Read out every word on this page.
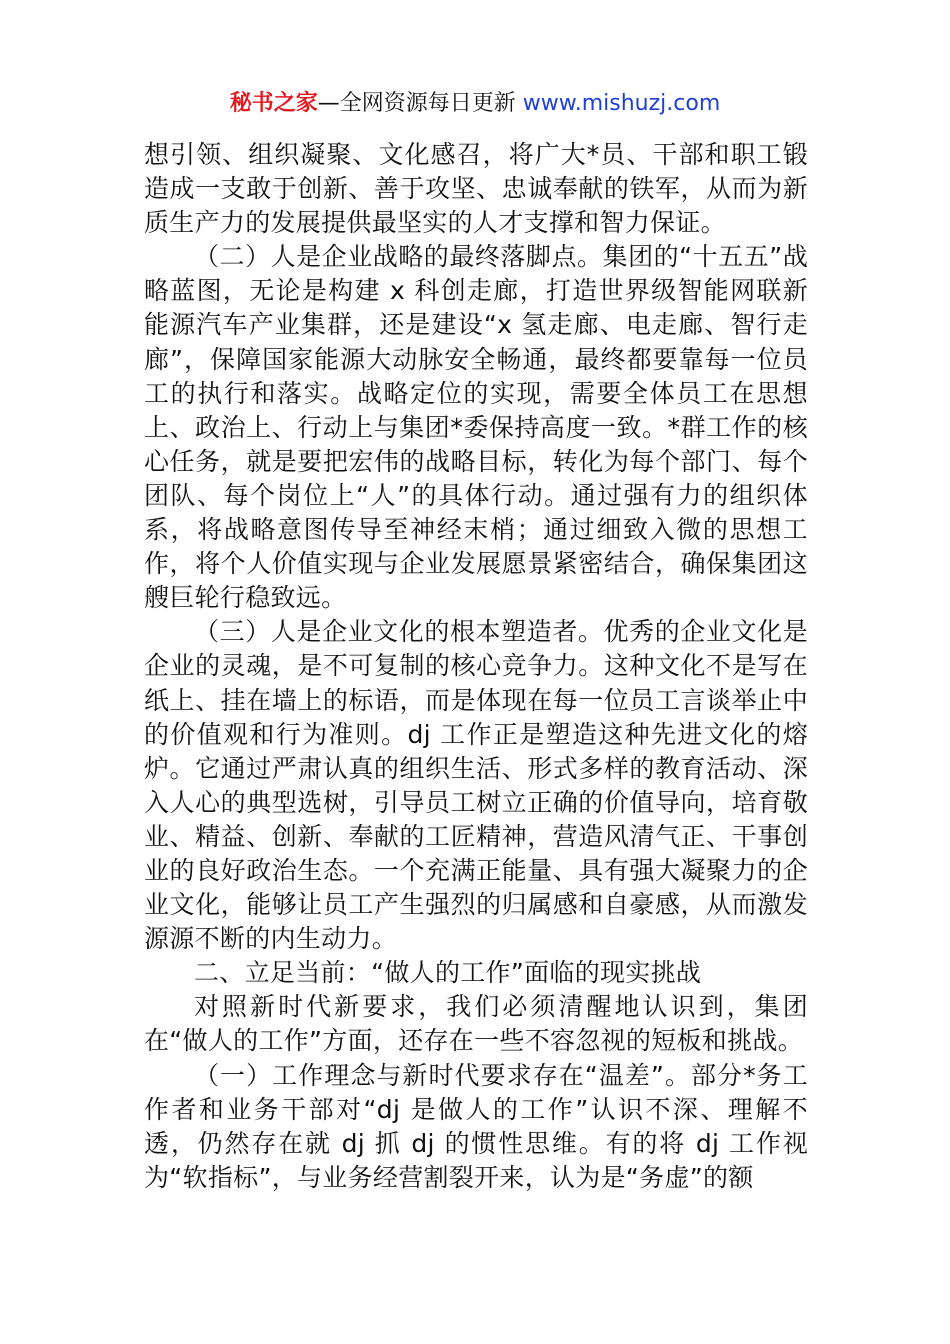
秘书之家—全网资源每日更新 www.mishuzj.com

想引领、组织凝聚、文化感召，将广大*员、干部和职工锻造成一支敢于创新、善于攻坚、忠诚奉献的铁军，从而为新质生产力的发展提供最坚实的人才支撑和智力保证。

（二）人是企业战略的最终落脚点。集团的“十五五”战略蓝图，无论是构建 x 科创走廊，打造世界级智能网联新能源汽车产业集群，还是建设“x 氢走廊、电走廊、智行走廊”，保障国家能源大动脉安全畅通，最终都要靠每一位员工的执行和落实。战略定位的实现，需要全体员工在思想上、政治上、行动上与集团*委保持高度一致。*群工作的核心任务，就是要把宏伟的战略目标，转化为每个部门、每个团队、每个岗位上“人”的具体行动。通过强有力的组织体系，将战略意图传导至神经末梢；通过细致入微的思想工作，将个人价值实现与企业发展愿景紧密结合，确保集团这艘巨轮行稳致远。

（三）人是企业文化的根本塑造者。优秀的企业文化是企业的灵魂，是不可复制的核心竞争力。这种文化不是写在纸上、挂在墙上的标语，而是体现在每一位员工言谈举止中的价值观和行为准则。dj 工作正是塑造这种先进文化的熔炉。它通过严肃认真的组织生活、形式多样的教育活动、深入人心的典型选树，引导员工树立正确的价值导向，培育敬业、精益、创新、奉献的工匠精神，营造风清气正、干事创业的良好政治生态。一个充满正能量、具有强大凝聚力的企业文化，能够让员工产生强烈的归属感和自豪感，从而激发源源不断的内生动力。

二、立足当前：“做人的工作”面临的现实挑战

对照新时代新要求，我们必须清醒地认识到，集团在“做人的工作”方面，还存在一些不容忽视的短板和挑战。

（一）工作理念与新时代要求存在“温差”。部分*务工作者和业务干部对“dj 是做人的工作”认识不深、理解不透，仍然存在就 dj 抓 dj 的惯性思维。有的将 dj 工作视为“软指标”，与业务经营割裂开来，认为是“务虚”的额
